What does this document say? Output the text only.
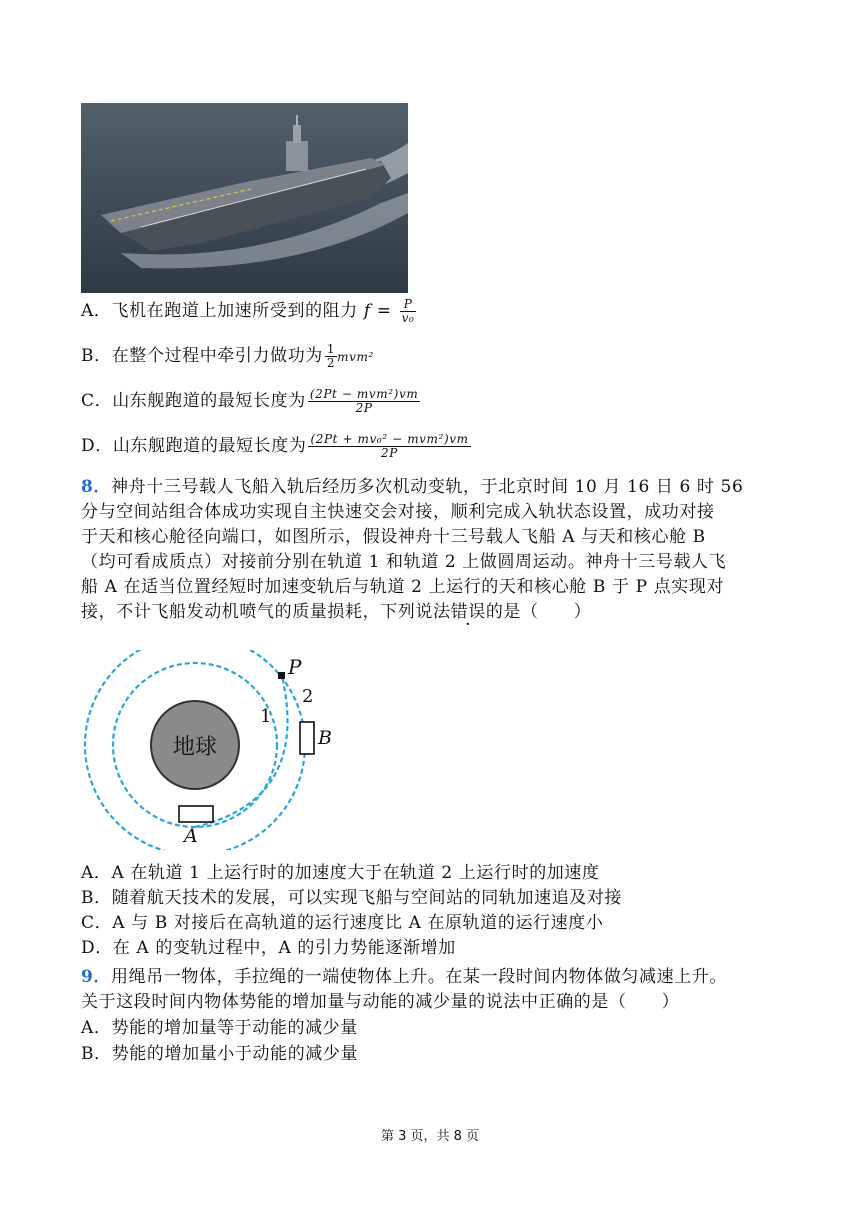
A．飞机在跑道上加速所受到的阻力 $f = \frac{P}{\text{v₀}}$
B．在整个过程中牵引力做功为 $\frac{1}{2} mvm^2$
C．山东舰跑道的最短长度为 $\frac{\text{(2Pt − mvm²)vm}}{2P}$
D．山东舰跑道的最短长度为 $\frac{\text{(2Pt + mv₀² − mvm²)vm}}{2P}$
8．神舟十三号载人飞船入轨后经历多次机动变轨，于北京时间 10 月 16 日 6 时 56
分与空间站组合体成功实现自主快速交会对接，顺利完成入轨状态设置，成功对接
于天和核心舱径向端口，如图所示，假设神舟十三号载人飞船 A 与天和核心舱 B
（均可看成质点）对接前分别在轨道 1 和轨道 2 上做圆周运动。神舟十三号载人飞
船 A 在适当位置经短时加速变轨后与轨道 2 上运行的天和核心舱 B 于 P 点实现对
接，不计飞船发动机喷气的质量损耗，下列说法错误的是（　　）
地球
P
2
1
B
A
A．A 在轨道 1 上运行时的加速度大于在轨道 2 上运行时的加速度
B．随着航天技术的发展，可以实现飞船与空间站的同轨加速追及对接
C．A 与 B 对接后在高轨道的运行速度比 A 在原轨道的运行速度小
D．在 A 的变轨过程中，A 的引力势能逐渐增加
9．用绳吊一物体，手拉绳的一端使物体上升。在某一段时间内物体做匀减速上升。
关于这段时间内物体势能的增加量与动能的减少量的说法中正确的是（　　）
A．势能的增加量等于动能的减少量
B．势能的增加量小于动能的减少量
第 3 页，共 8 页
